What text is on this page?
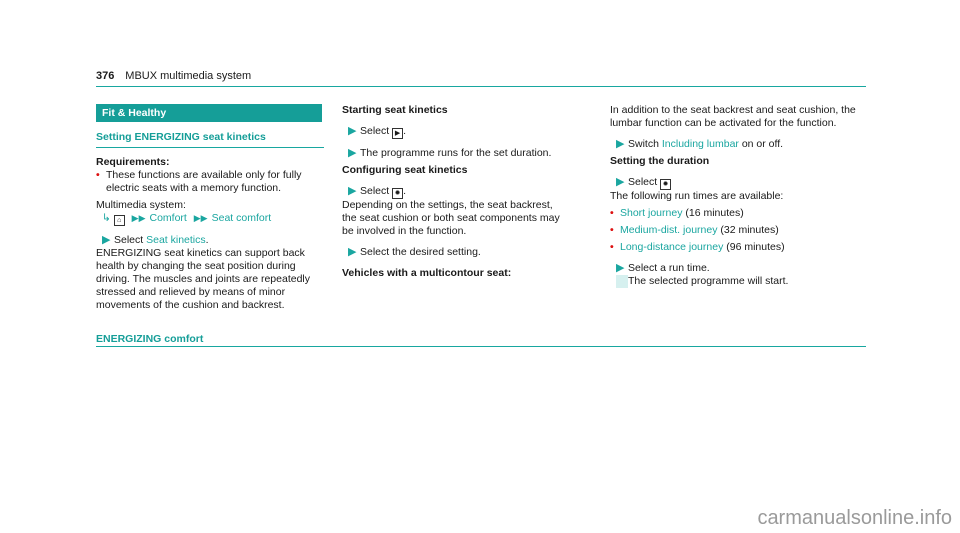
376 MBUX multimedia system
Fit & Healthy
Setting ENERGIZING seat kinetics

Requirements:

• These functions are available only for fully electric seats with a memory function.

Multimedia system:

↳ ⌂ ▶▶ Comfort ▶▶ Seat comfort

▶ Select Seat kinetics.

ENERGIZING seat kinetics can support back health by changing the seat position during driving. The muscles and joints are repeatedly stressed and relieved by means of minor movements of the cushion and backrest.

Starting seat kinetics

▶ Select ▶ .

▶ The programme runs for the set duration.

Configuring seat kinetics

▶ Select ✹ .

Depending on the settings, the seat backrest, the seat cushion or both seat components may be involved in the function.

▶ Select the desired setting.

Vehicles with a multicontour seat:

In addition to the seat backrest and seat cushion, the lumbar function can be activated for the function.

▶ Switch Including lumbar on or off.

Setting the duration

▶ Select ✹

The following run times are available:

• Short journey (16 minutes)

• Medium-dist. journey (32 minutes)

• Long-distance journey (96 minutes)

▶ Select a run time.
The selected programme will start.

ENERGIZING comfort
carmanualsonline.info
